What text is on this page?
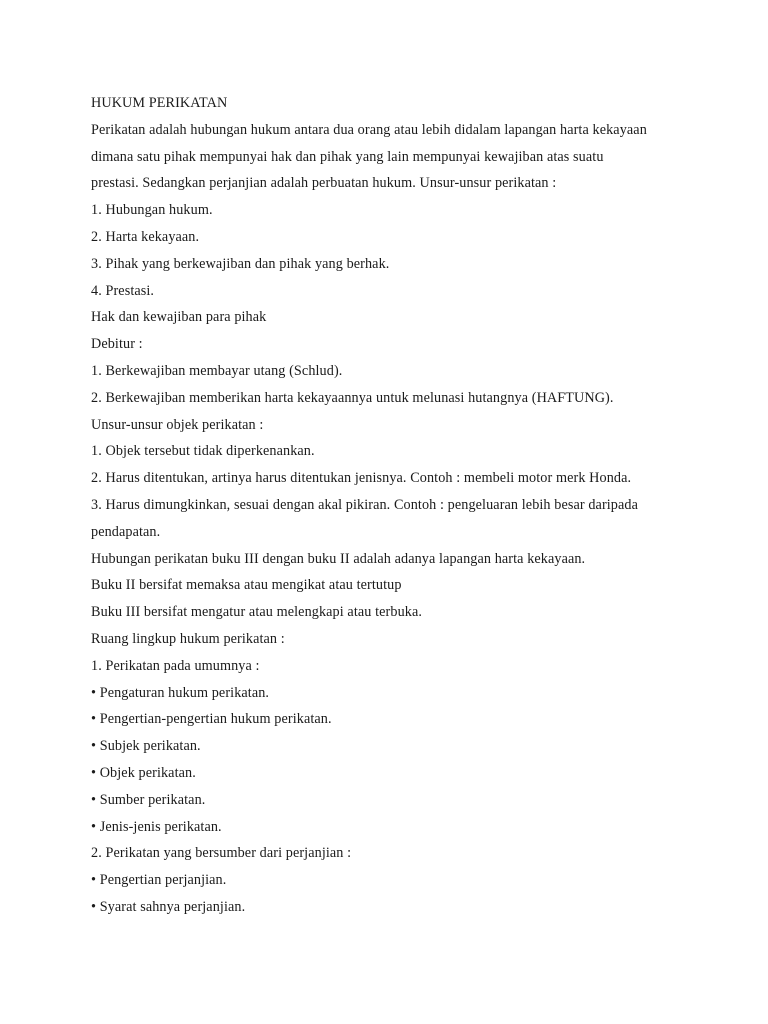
HUKUM PERIKATAN
Perikatan adalah hubungan hukum antara dua orang atau lebih didalam lapangan harta kekayaan
dimana satu pihak mempunyai hak dan pihak yang lain mempunyai kewajiban atas suatu
prestasi. Sedangkan perjanjian adalah perbuatan hukum. Unsur-unsur perikatan :
1. Hubungan hukum.
2. Harta kekayaan.
3. Pihak yang berkewajiban dan pihak yang berhak.
4. Prestasi.
Hak dan kewajiban para pihak
Debitur :
1. Berkewajiban membayar utang (Schlud).
2. Berkewajiban memberikan harta kekayaannya untuk melunasi hutangnya (HAFTUNG).
Unsur-unsur objek perikatan :
1. Objek tersebut tidak diperkenankan.
2. Harus ditentukan, artinya harus ditentukan jenisnya. Contoh : membeli motor merk Honda.
3. Harus dimungkinkan, sesuai dengan akal pikiran. Contoh : pengeluaran lebih besar daripada
pendapatan.
Hubungan perikatan buku III dengan buku II adalah adanya lapangan harta kekayaan.
Buku II bersifat memaksa atau mengikat atau tertutup
Buku III bersifat mengatur atau melengkapi atau terbuka.
Ruang lingkup hukum perikatan :
1. Perikatan pada umumnya :
• Pengaturan hukum perikatan.
• Pengertian-pengertian hukum perikatan.
• Subjek perikatan.
• Objek perikatan.
• Sumber perikatan.
• Jenis-jenis perikatan.
2. Perikatan yang bersumber dari perjanjian :
• Pengertian perjanjian.
• Syarat sahnya perjanjian.
